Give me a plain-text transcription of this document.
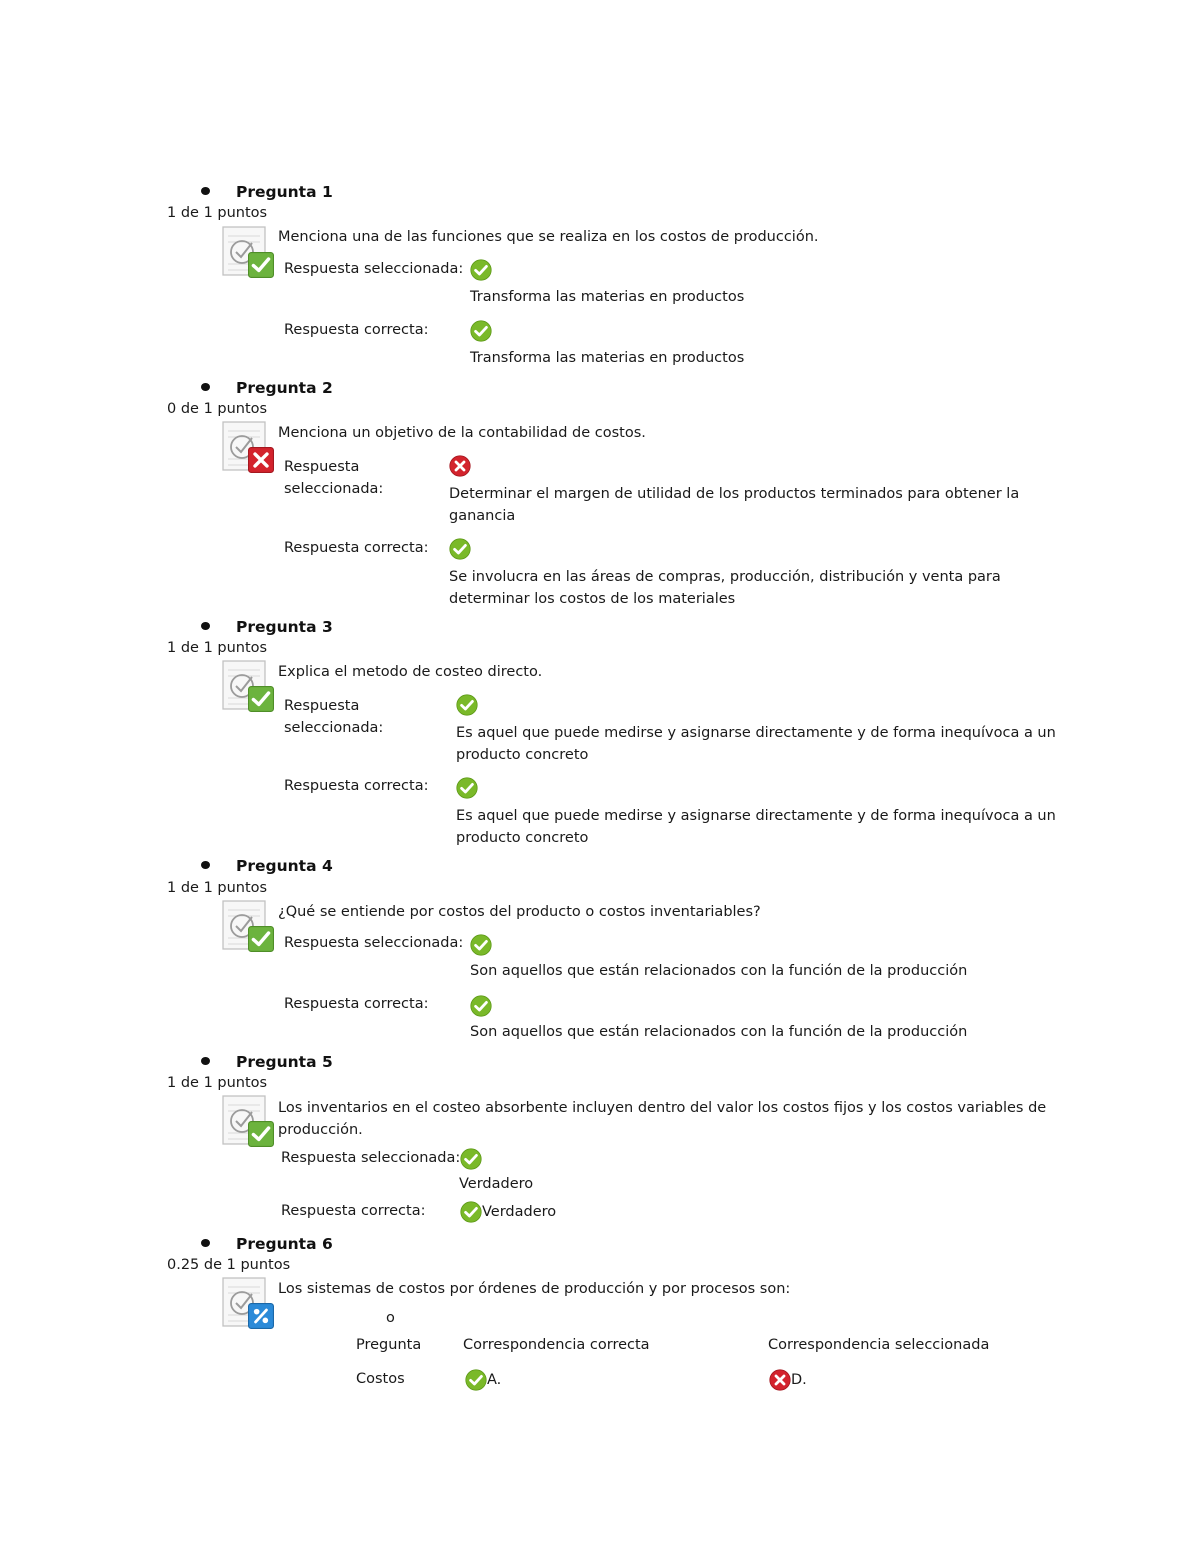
Pregunta 1
1 de 1 puntos
Menciona una de las funciones que se realiza en los costos de producción.
Respuesta seleccionada:
Transforma las materias en productos
Respuesta correcta:
Transforma las materias en productos
Pregunta 2
0 de 1 puntos
Menciona un objetivo de la contabilidad de costos.
Respuesta seleccionada:	Determinar el margen de utilidad de los productos terminados para obtener la ganancia
Respuesta correcta:
Se involucra en las áreas de compras, producción, distribución y venta para determinar los costos de los materiales
Pregunta 3
1 de 1 puntos
Explica el metodo de costeo directo.
Respuesta seleccionada:	Es aquel que puede medirse y asignarse directamente y de forma inequívoca a un producto concreto
Respuesta correcta:
Es aquel que puede medirse y asignarse directamente y de forma inequívoca a un producto concreto
Pregunta 4
1 de 1 puntos
¿Qué se entiende por costos del producto o costos inventariables?
Respuesta seleccionada:
Son aquellos que están relacionados con la función de la producción
Respuesta correcta:
Son aquellos que están relacionados con la función de la producción
Pregunta 5
1 de 1 puntos
Los inventarios en el costeo absorbente incluyen dentro del valor los costos fijos y los costos variables de producción.
Respuesta seleccionada:
Verdadero
Respuesta correcta:	Verdadero
Pregunta 6
0.25 de 1 puntos
Los sistemas de costos por órdenes de producción y por procesos son:
o
Pregunta	Correspondencia correcta	Correspondencia seleccionada
Costos	A.	D.
